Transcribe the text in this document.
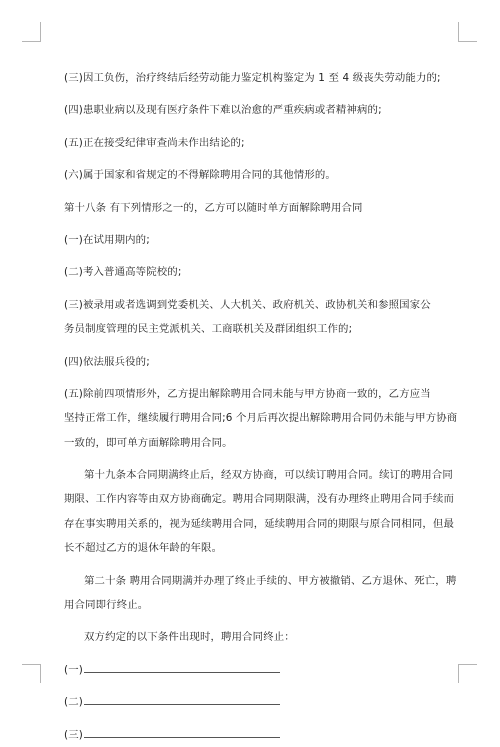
(三)因工负伤，治疗终结后经劳动能力鉴定机构鉴定为 1 至 4 级丧失劳动能力的;
(四)患职业病以及现有医疗条件下难以治愈的严重疾病或者精神病的;
(五)正在接受纪律审查尚未作出结论的;
(六)属于国家和省规定的不得解除聘用合同的其他情形的。
第十八条 有下列情形之一的，乙方可以随时单方面解除聘用合同
(一)在试用期内的;
(二)考入普通高等院校的;
(三)被录用或者选调到党委机关、人大机关、政府机关、政协机关和参照国家公
务员制度管理的民主党派机关、工商联机关及群团组织工作的;
(四)依法服兵役的;
(五)除前四项情形外，乙方提出解除聘用合同未能与甲方协商一致的，乙方应当
坚持正常工作，继续履行聘用合同;6 个月后再次提出解除聘用合同仍未能与甲方协商
一致的，即可单方面解除聘用合同。
第十九条本合同期满终止后，经双方协商，可以续订聘用合同。续订的聘用合同
期限、工作内容等由双方协商确定。聘用合同期限满，没有办理终止聘用合同手续而
存在事实聘用关系的，视为延续聘用合同，延续聘用合同的期限与原合同相同，但最
长不超过乙方的退休年龄的年限。
第二十条 聘用合同期满并办理了终止手续的、甲方被撤销、乙方退休、死亡，聘
用合同即行终止。
双方约定的以下条件出现时，聘用合同终止：
(一)
(二)
(三)
